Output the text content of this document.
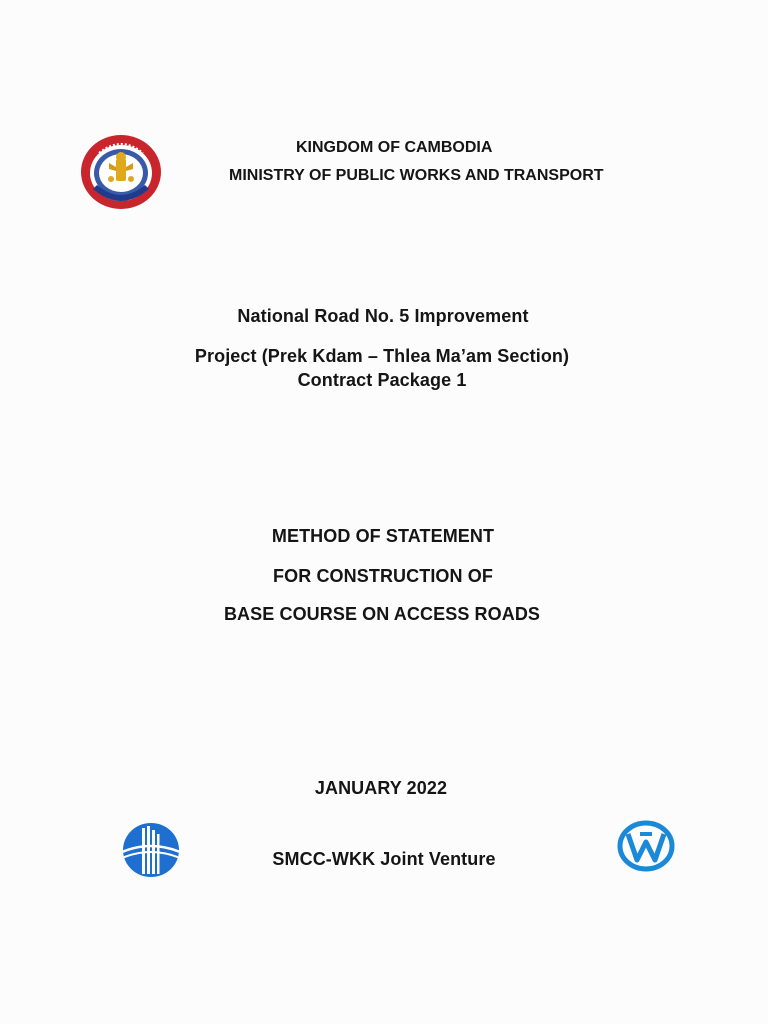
KINGDOM OF CAMBODIA
MINISTRY OF PUBLIC WORKS AND TRANSPORT
National Road No. 5 Improvement
Project (Prek Kdam – Thlea Ma’am Section)
Contract Package 1
METHOD OF STATEMENT
FOR CONSTRUCTION OF
BASE COURSE ON ACCESS ROADS
JANUARY 2022
SMCC-WKK Joint Venture
